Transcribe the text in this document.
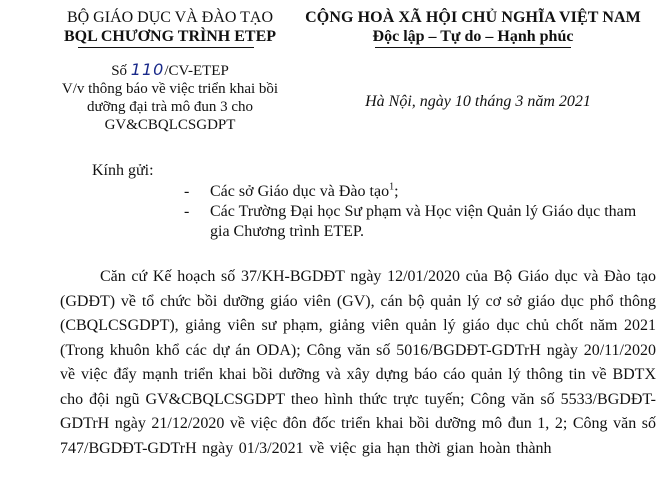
BỘ GIÁO DỤC VÀ ĐÀO TẠO
BQL CHƯƠNG TRÌNH ETEP
CỘNG HOÀ XÃ HỘI CHỦ NGHĨA VIỆT NAM
Độc lập – Tự do – Hạnh phúc
Số 110/CV-ETEP
V/v thông báo về việc triển khai bồi dưỡng đại trà mô đun 3 cho GV&CBQLCSGDPT
Hà Nội, ngày 10 tháng 3 năm 2021
Kính gửi:
- Các sở Giáo dục và Đào tạo$^1$;
- Các Trường Đại học Sư phạm và Học viện Quản lý Giáo dục tham gia Chương trình ETEP.
Căn cứ Kế hoạch số 37/KH-BGDĐT ngày 12/01/2020 của Bộ Giáo dục và Đào tạo (GDĐT) về tổ chức bồi dưỡng giáo viên (GV), cán bộ quản lý cơ sở giáo dục phổ thông (CBQLCSGDPT), giảng viên sư phạm, giảng viên quản lý giáo dục chủ chốt năm 2021 (Trong khuôn khổ các dự án ODA); Công văn số 5016/BGDĐT-GDTrH ngày 20/11/2020 về việc đẩy mạnh triển khai bồi dưỡng và xây dựng báo cáo quản lý thông tin về BDTX cho đội ngũ GV&CBQLCSGDPT theo hình thức trực tuyến; Công văn số 5533/BGDĐT-GDTrH ngày 21/12/2020 về việc đôn đốc triển khai bồi dưỡng mô đun 1, 2; Công văn số 747/BGDĐT-GDTrH ngày 01/3/2021 về việc gia hạn thời gian hoàn thành
